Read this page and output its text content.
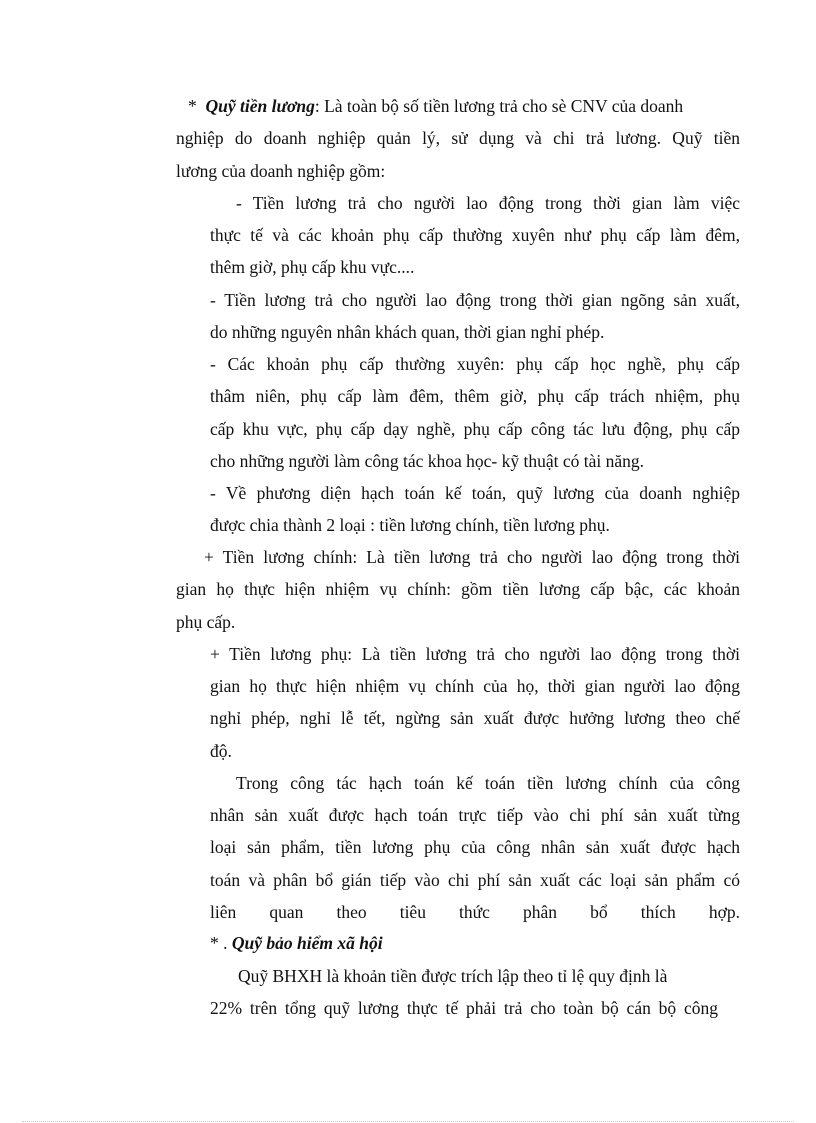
* Quỹ tiền lương: Là toàn bộ số tiền lương trả cho sè CNV của doanh
nghiệp do doanh nghiệp quản lý, sử dụng và chi trả lương. Quỹ tiền
lương của doanh nghiệp gồm:
- Tiền lương trả cho người lao động trong thời gian làm việc
thực tế và các khoản phụ cấp thường xuyên như phụ cấp làm đêm,
thêm giờ, phụ cấp khu vực....
- Tiền lương trả cho người lao động trong thời gian ngõng sản xuất,
do những nguyên nhân khách quan, thời gian nghỉ phép.
- Các khoản phụ cấp thường xuyên: phụ cấp học nghề, phụ cấp
thâm niên, phụ cấp làm đêm, thêm giờ, phụ cấp trách nhiệm, phụ
cấp khu vực, phụ cấp dạy nghề, phụ cấp công tác lưu động, phụ cấp
cho những người làm công tác khoa học- kỹ thuật có tài năng.
- Về phương diện hạch toán kế toán, quỹ lương của doanh nghiệp
được chia thành 2 loại : tiền lương chính, tiền lương phụ.
+ Tiền lương chính: Là tiền lương trả cho người lao động trong thời
gian họ thực hiện nhiệm vụ chính: gồm tiền lương cấp bậc, các khoản
phụ cấp.
+ Tiền lương phụ: Là tiền lương trả cho người lao động trong thời
gian họ thực hiện nhiệm vụ chính của họ, thời gian người lao động
nghỉ phép, nghỉ lễ tết, ngừng sản xuất được hưởng lương theo chế
độ.
Trong công tác hạch toán kế toán tiền lương chính của công
nhân sản xuất được hạch toán trực tiếp vào chi phí sản xuất từng
loại sản phẩm, tiền lương phụ của công nhân sản xuất được hạch
toán và phân bổ gián tiếp vào chi phí sản xuất các loại sản phẩm có
liên quan theo tiêu thức phân bổ thích hợp.
* . Quỹ bảo hiểm xã hội
Quỹ BHXH là khoản tiền được trích lập theo tỉ lệ quy định là
22% trên tổng quỹ lương thực tế phải trả cho toàn bộ cán bộ công
